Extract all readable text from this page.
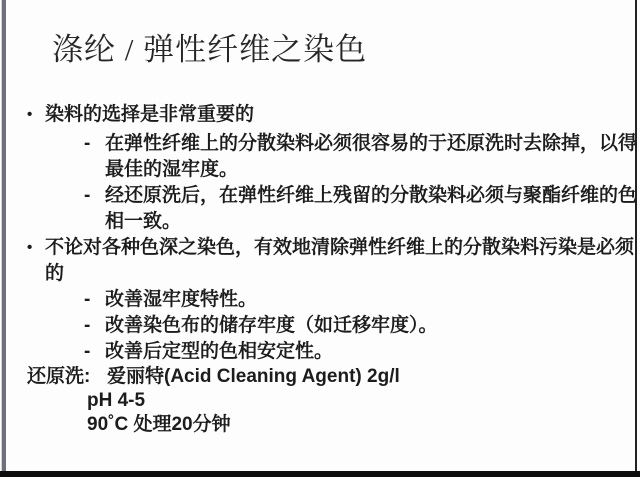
涤纶 / 弹性纤维之染色
• 染料的选择是非常重要的
- 在弹性纤维上的分散染料必须很容易的于还原洗时去除掉，以得
最佳的湿牢度。
- 经还原洗后，在弹性纤维上残留的分散染料必须与聚酯纤维的色
相一致。
• 不论对各种色深之染色，有效地清除弹性纤维上的分散染料污染是必须
的
- 改善湿牢度特性。
- 改善染色布的储存牢度（如迁移牢度）。
- 改善后定型的色相安定性。
还原洗: 爱丽特(Acid Cleaning Agent) 2g/l
pH 4-5
90˚C 处理20分钟
